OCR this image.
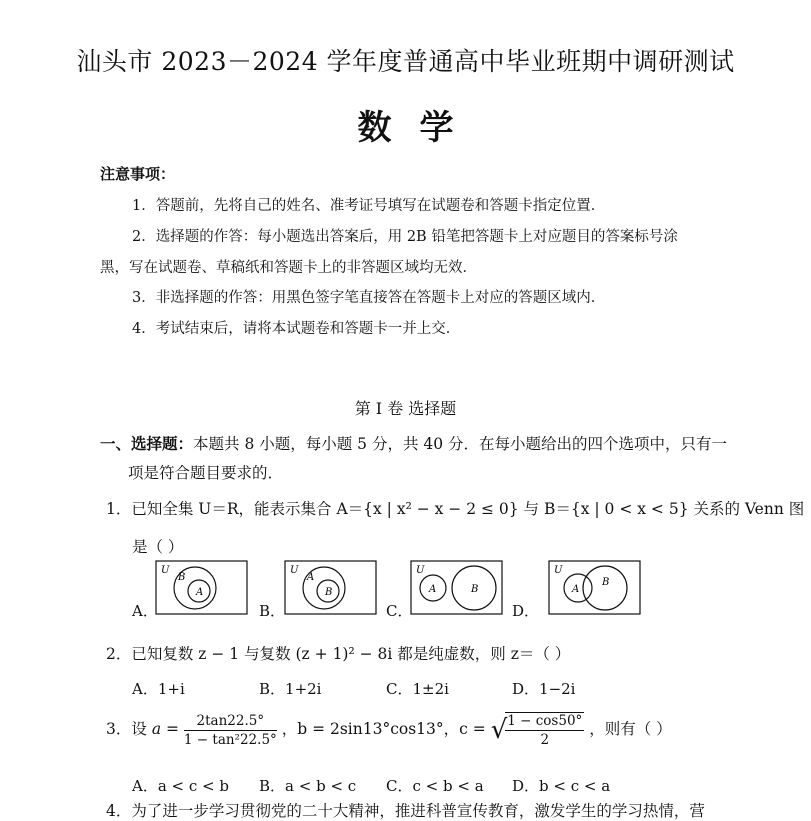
汕头市 2023－2024 学年度普通高中毕业班期中调研测试
数学
注意事项：
1．答题前，先将自己的姓名、准考证号填写在试题卷和答题卡指定位置．
2．选择题的作答：每小题选出答案后，用 2B 铅笔把答题卡上对应题目的答案标号涂
黑，写在试题卷、草稿纸和答题卡上的非答题区域均无效．
3．非选择题的作答：用黑色签字笔直接答在答题卡上对应的答题区域内．
4．考试结束后，请将本试题卷和答题卡一并上交．
第 I 卷 选择题
一、选择题：本题共 8 小题，每小题 5 分，共 40 分．在每小题给出的四个选项中，只有一
项是符合题目要求的．
1．已知全集 U＝R，能表示集合 A＝{x | x² − x − 2 ≤ 0} 与 B＝{x | 0 < x < 5} 关系的 Venn 图
是（ ）
A．
U
B
A
B．
U
A
B
C．
U
A	B
D．
U
A
B
2．已知复数 z − 1 与复数 (z + 1)² − 8i 都是纯虚数，则 z＝（ ）
A．1+i	B．1+2i	C．1±2i	D．1−2i
3．设 $a = \frac{2\tan 22.5^\circ}{\text{1 − tan²22.5°}}$ ，b = 2sin13°cos13°，c = √
$\frac{1 - \cos 50^\circ}{2}$ ，则有（ ）
A．a < c < b B．a < b < c C．c < b < a D．b < c < a
4．为了进一步学习贯彻党的二十大精神，推进科普宣传教育，激发学生的学习热情，营
